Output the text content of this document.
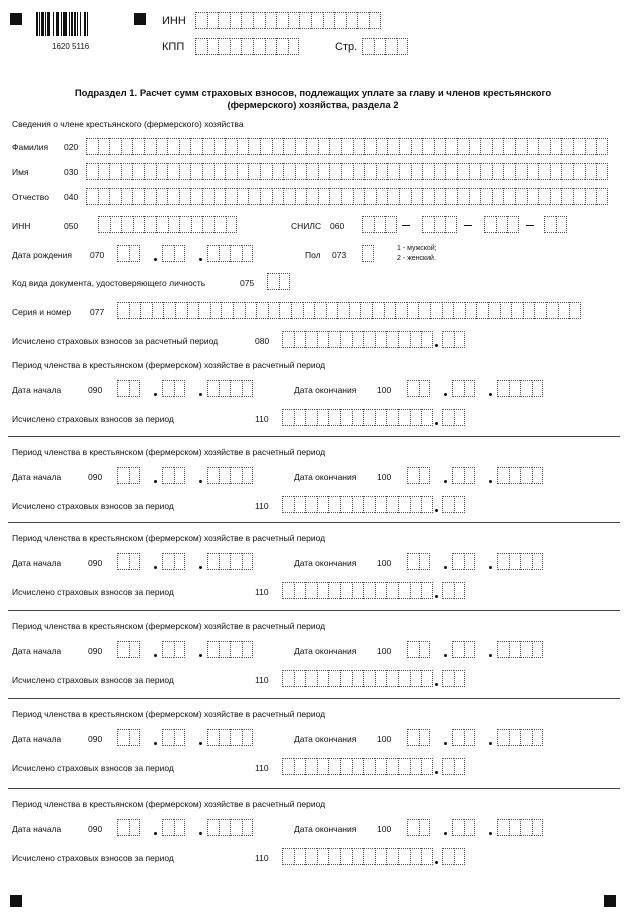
1620 5116
ИНН
КПП	Стр.
Подраздел 1. Расчет сумм страховых взносов, подлежащих уплате за главу и членов крестьянского
(фермерского) хозяйства, раздела 2
Сведения о члене крестьянского (фермерского) хозяйства
Фамилия 020
Имя	030
Отчество 040
ИНН	050	СНИЛС 060
Дата рождения 070	Пол 073
1 - мужской;
2 - женский.
Код вида документа, удостоверяющего личность	075
Серия и номер 077
Исчислено страховых взносов за расчетный период	080
Период членства в крестьянском (фермерском) хозяйстве в расчетный период
Дата начала	090	Дата окончания 100
Исчислено страховых взносов за период	110
Период членства в крестьянском (фермерском) хозяйстве в расчетный период
Дата начала	090	Дата окончания 100
Исчислено страховых взносов за период	110
Период членства в крестьянском (фермерском) хозяйстве в расчетный период
Дата начала	090	Дата окончания 100
Исчислено страховых взносов за период	110
Период членства в крестьянском (фермерском) хозяйстве в расчетный период
Дата начала	090	Дата окончания 100
Исчислено страховых взносов за период	110
Период членства в крестьянском (фермерском) хозяйстве в расчетный период
Дата начала	090	Дата окончания 100
Исчислено страховых взносов за период	110
Период членства в крестьянском (фермерском) хозяйстве в расчетный период
Дата начала	090	Дата окончания 100
Исчислено страховых взносов за период	110
